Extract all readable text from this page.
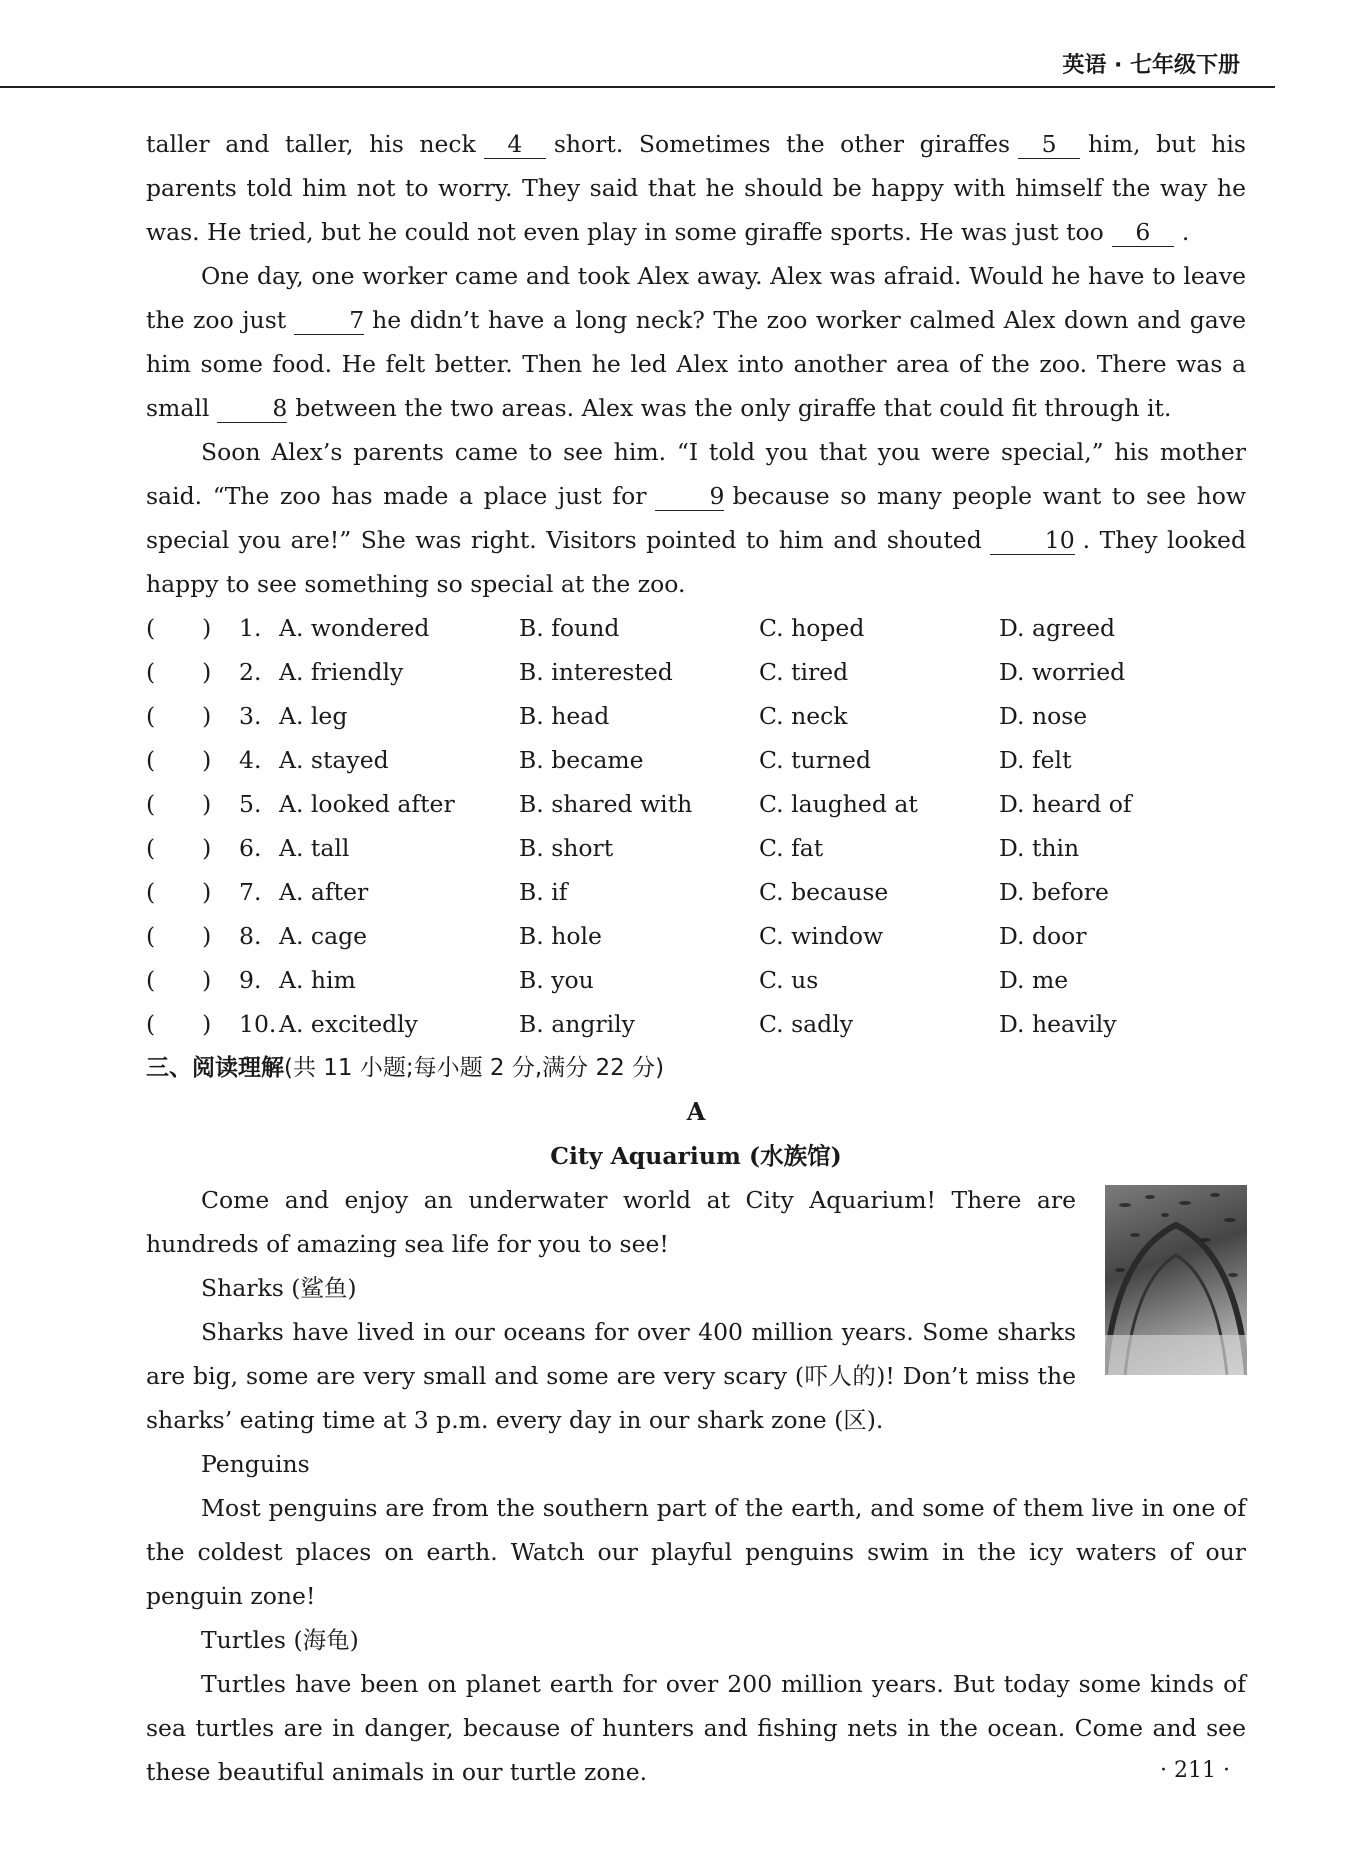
英语 · 七年级下册

taller and taller, his neck 4 short. Sometimes the other giraffes 5 him, but his parents told him not to worry. They said that he should be happy with himself the way he was. He tried, but he could not even play in some giraffe sports. He was just too 6 .

One day, one worker came and took Alex away. Alex was afraid. Would he have to leave the zoo just	7 he didn’t have a long neck? The zoo worker calmed Alex down and gave him some food. He felt better. Then he led Alex into another area of the zoo. There was a small	8 between the two areas. Alex was the only giraffe that could fit through it.

Soon Alex’s parents came to see him. “I told you that you were special,” his mother said. “The zoo has made a place just for	9 because so many people want to see how special you are!” She was right. Visitors pointed to him and shouted	10 . They looked happy to see something so special at the zoo.

(　　)	1. A. wondered	B. found	C. hoped	D. agreed
(　　)	2. A. friendly	B. interested	C. tired	D. worried
(　　)	3. A. leg	B. head	C. neck	D. nose
(　　)	4. A. stayed	B. became	C. turned	D. felt
(　　)	5. A. looked after	B. shared with	C. laughed at	D. heard of
(　　)	6. A. tall	B. short	C. fat	D. thin
(　　)	7. A. after	B. if	C. because	D. before
(　　)	8. A. cage	B. hole	C. window	D. door
(　　)	9. A. him	B. you	C. us	D. me
(　　)	10. A. excitedly	B. angrily	C. sadly	D. heavily

三、阅读理解(共 11 小题;每小题 2 分,满分 22 分)

A

City Aquarium (水族馆)

Come and enjoy an underwater world at City Aquarium! There are hundreds of amazing sea life for you to see!

Sharks (鲨鱼)

Sharks have lived in our oceans for over 400 million years. Some sharks are big, some are very small and some are very scary (吓人的)! Don’t miss the sharks’ eating time at 3 p.m. every day in our shark zone (区).

Penguins

Most penguins are from the southern part of the earth, and some of them live in one of the coldest places on earth. Watch our playful penguins swim in the icy waters of our penguin zone!

Turtles (海龟)

Turtles have been on planet earth for over 200 million years. But today some kinds of sea turtles are in danger, because of hunters and fishing nets in the ocean. Come and see these beautiful animals in our turtle zone.	· 211 ·
